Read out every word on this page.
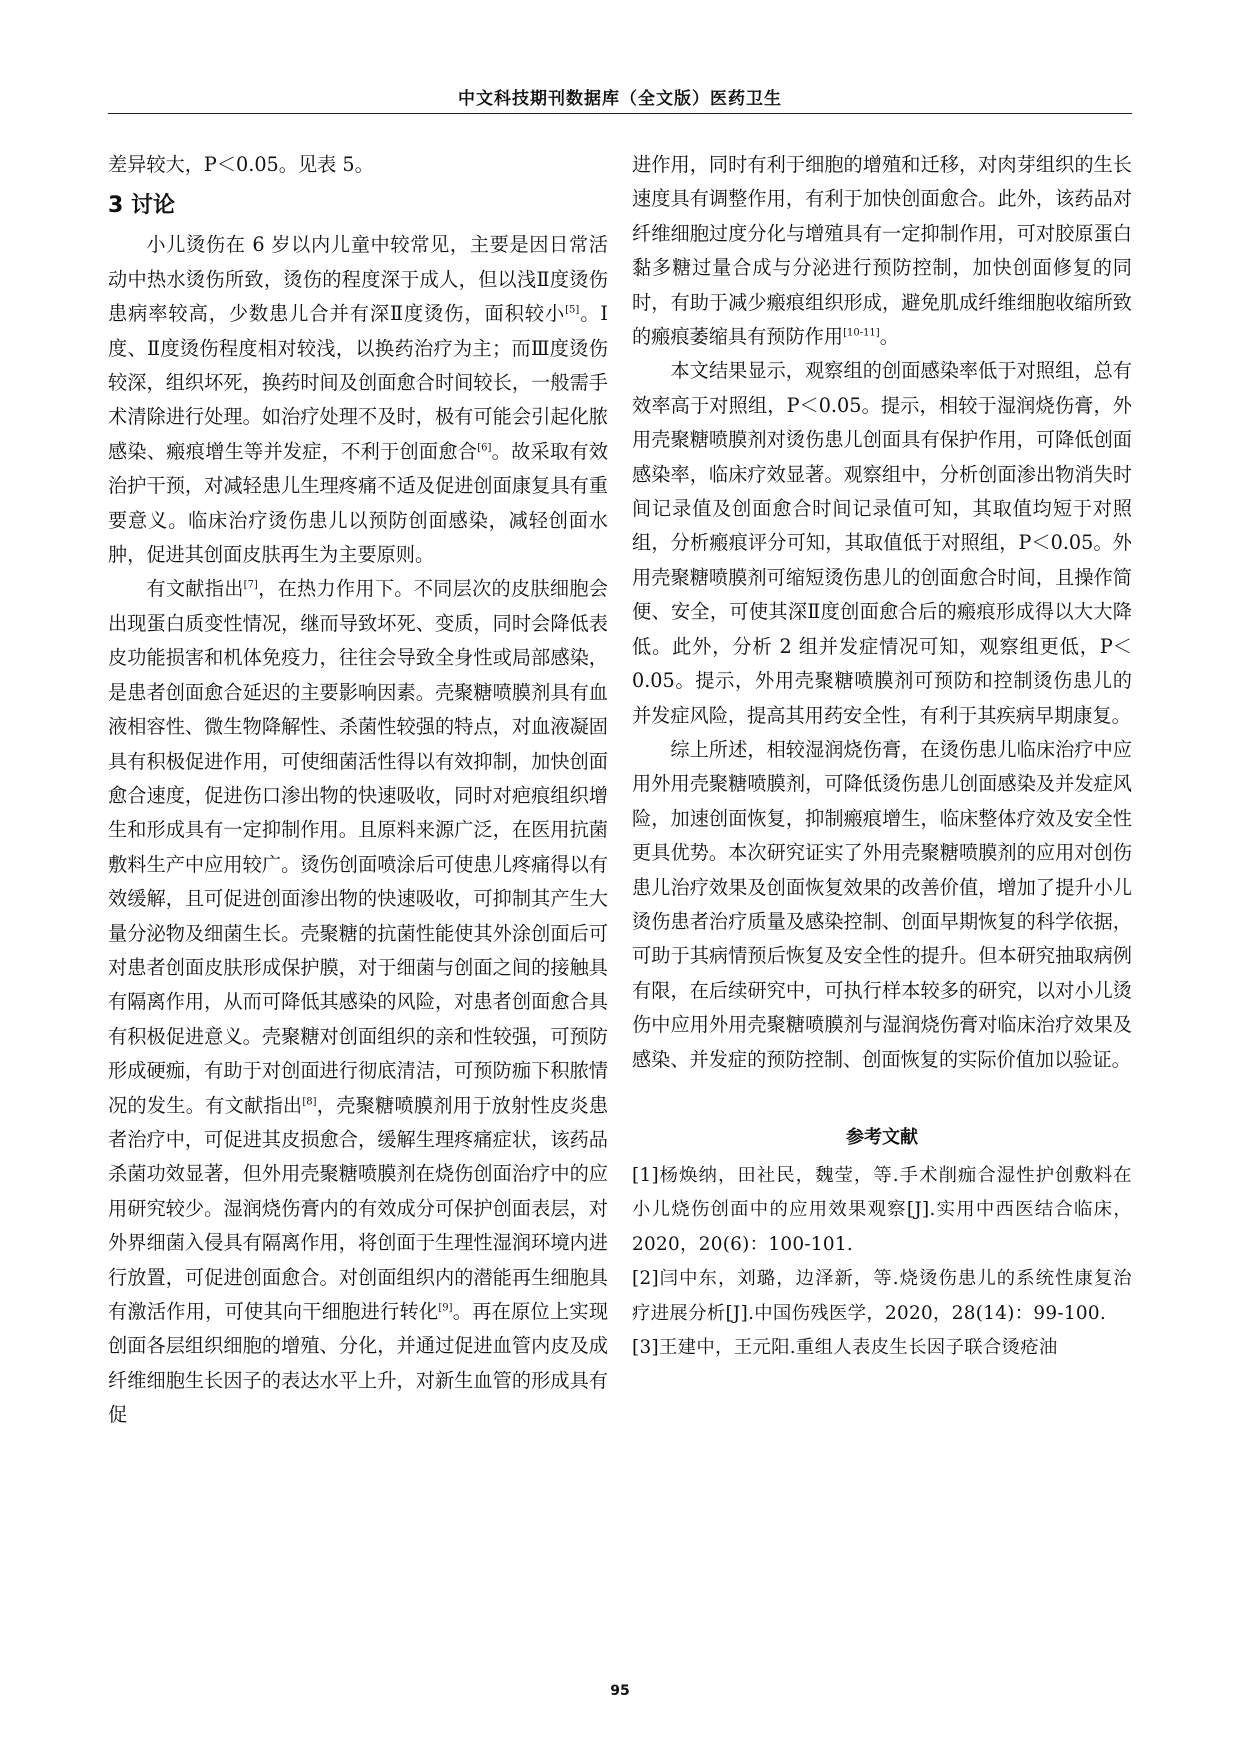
中文科技期刊数据库（全文版）医药卫生

差异较大，P＜0.05。见表 5。

3 讨论

小儿烫伤在 6 岁以内儿童中较常见，主要是因日常活动中热水烫伤所致，烫伤的程度深于成人，但以浅Ⅱ度烫伤患病率较高，少数患儿合并有深Ⅱ度烫伤，面积较小[5]。Ⅰ度、Ⅱ度烫伤程度相对较浅，以换药治疗为主；而Ⅲ度烫伤较深，组织坏死，换药时间及创面愈合时间较长，一般需手术清除进行处理。如治疗处理不及时，极有可能会引起化脓感染、瘢痕增生等并发症，不利于创面愈合[6]。故采取有效治护干预，对减轻患儿生理疼痛不适及促进创面康复具有重要意义。临床治疗烫伤患儿以预防创面感染，减轻创面水肿，促进其创面皮肤再生为主要原则。

有文献指出[7]，在热力作用下。不同层次的皮肤细胞会出现蛋白质变性情况，继而导致坏死、变质，同时会降低表皮功能损害和机体免疫力，往往会导致全身性或局部感染，是患者创面愈合延迟的主要影响因素。壳聚糖喷膜剂具有血液相容性、微生物降解性、杀菌性较强的特点，对血液凝固具有积极促进作用，可使细菌活性得以有效抑制，加快创面愈合速度，促进伤口渗出物的快速吸收，同时对疤痕组织增生和形成具有一定抑制作用。且原料来源广泛，在医用抗菌敷料生产中应用较广。烫伤创面喷涂后可使患儿疼痛得以有效缓解，且可促进创面渗出物的快速吸收，可抑制其产生大量分泌物及细菌生长。壳聚糖的抗菌性能使其外涂创面后可对患者创面皮肤形成保护膜，对于细菌与创面之间的接触具有隔离作用，从而可降低其感染的风险，对患者创面愈合具有积极促进意义。壳聚糖对创面组织的亲和性较强，可预防形成硬痂，有助于对创面进行彻底清洁，可预防痂下积脓情况的发生。有文献指出[8]，壳聚糖喷膜剂用于放射性皮炎患者治疗中，可促进其皮损愈合，缓解生理疼痛症状，该药品杀菌功效显著，但外用壳聚糖喷膜剂在烧伤创面治疗中的应用研究较少。湿润烧伤膏内的有效成分可保护创面表层，对外界细菌入侵具有隔离作用，将创面于生理性湿润环境内进行放置，可促进创面愈合。对创面组织内的潜能再生细胞具有激活作用，可使其向干细胞进行转化[9]。再在原位上实现创面各层组织细胞的增殖、分化，并通过促进血管内皮及成纤维细胞生长因子的表达水平上升，对新生血管的形成具有促

进作用，同时有利于细胞的增殖和迁移，对肉芽组织的生长速度具有调整作用，有利于加快创面愈合。此外，该药品对纤维细胞过度分化与增殖具有一定抑制作用，可对胶原蛋白黏多糖过量合成与分泌进行预防控制，加快创面修复的同时，有助于减少瘢痕组织形成，避免肌成纤维细胞收缩所致的瘢痕萎缩具有预防作用[10-11]。

本文结果显示，观察组的创面感染率低于对照组，总有效率高于对照组，P＜0.05。提示，相较于湿润烧伤膏，外用壳聚糖喷膜剂对烫伤患儿创面具有保护作用，可降低创面感染率，临床疗效显著。观察组中，分析创面渗出物消失时间记录值及创面愈合时间记录值可知，其取值均短于对照组，分析瘢痕评分可知，其取值低于对照组，P＜0.05。外用壳聚糖喷膜剂可缩短烫伤患儿的创面愈合时间，且操作简便、安全，可使其深Ⅱ度创面愈合后的瘢痕形成得以大大降低。此外，分析 2 组并发症情况可知，观察组更低，P＜0.05。提示，外用壳聚糖喷膜剂可预防和控制烫伤患儿的并发症风险，提高其用药安全性，有利于其疾病早期康复。

综上所述，相较湿润烧伤膏，在烫伤患儿临床治疗中应用外用壳聚糖喷膜剂，可降低烫伤患儿创面感染及并发症风险，加速创面恢复，抑制瘢痕增生，临床整体疗效及安全性更具优势。本次研究证实了外用壳聚糖喷膜剂的应用对创伤患儿治疗效果及创面恢复效果的改善价值，增加了提升小儿烫伤患者治疗质量及感染控制、创面早期恢复的科学依据，可助于其病情预后恢复及安全性的提升。但本研究抽取病例有限，在后续研究中，可执行样本较多的研究，以对小儿烫伤中应用外用壳聚糖喷膜剂与湿润烧伤膏对临床治疗效果及感染、并发症的预防控制、创面恢复的实际价值加以验证。

参考文献

[1]杨焕纳，田社民，魏莹，等.手术削痂合湿性护创敷料在小儿烧伤创面中的应用效果观察[J].实用中西医结合临床，2020，20(6)：100-101.

[2]闫中东，刘璐，边泽新，等.烧烫伤患儿的系统性康复治疗进展分析[J].中国伤残医学，2020，28(14)：99-100.

[3]王建中，王元阳.重组人表皮生长因子联合烫疮油

95
